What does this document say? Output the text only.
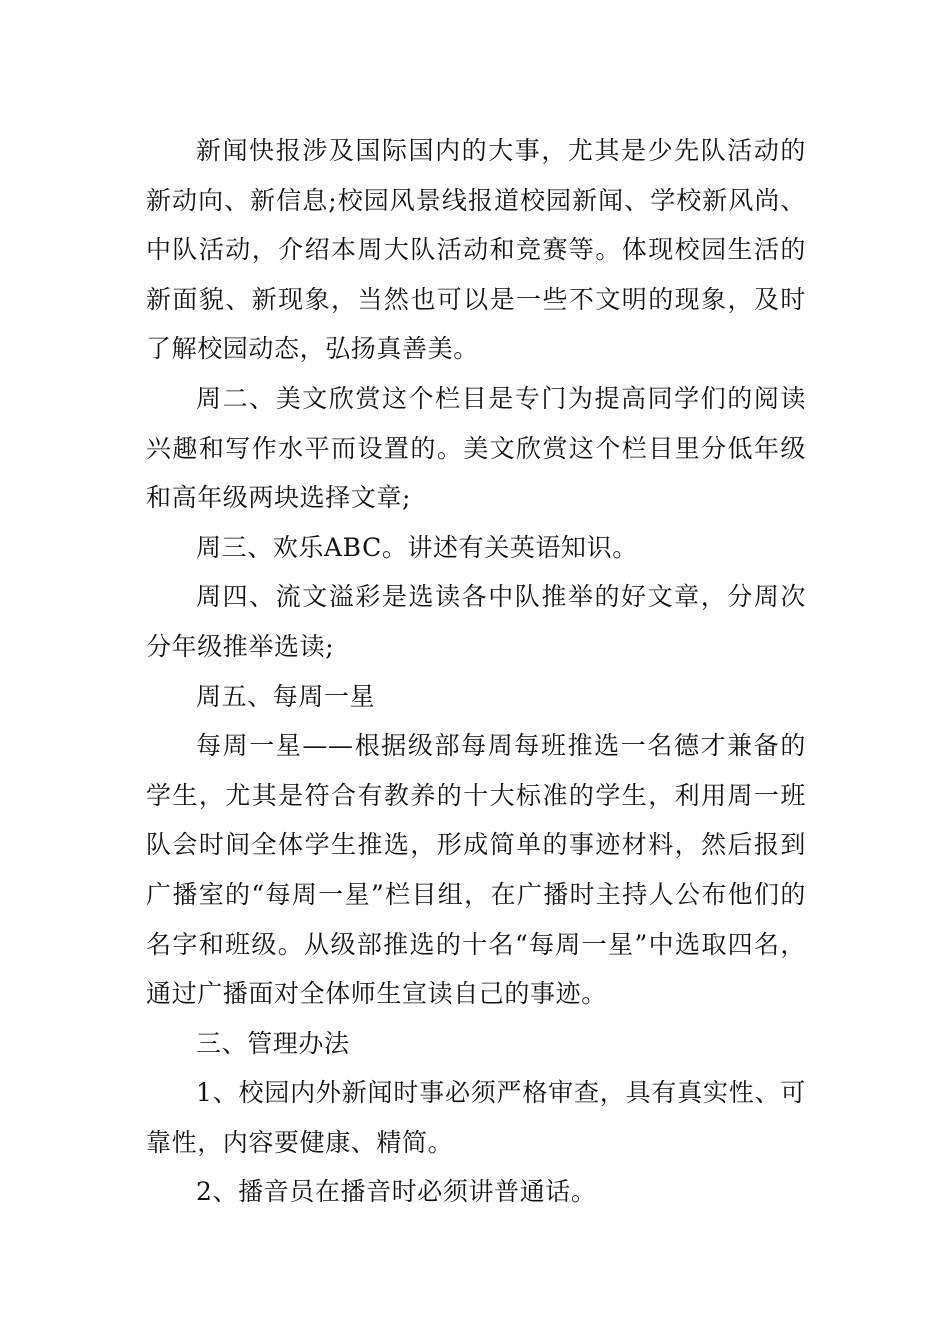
新闻快报涉及国际国内的大事，尤其是少先队活动的新动向、新信息;校园风景线报道校园新闻、学校新风尚、中队活动，介绍本周大队活动和竞赛等。体现校园生活的新面貌、新现象，当然也可以是一些不文明的现象，及时了解校园动态，弘扬真善美。

周二、美文欣赏这个栏目是专门为提高同学们的阅读兴趣和写作水平而设置的。美文欣赏这个栏目里分低年级和高年级两块选择文章;

周三、欢乐ABC。讲述有关英语知识。

周四、流文溢彩是选读各中队推举的好文章，分周次分年级推举选读;

周五、每周一星

每周一星——根据级部每周每班推选一名德才兼备的学生，尤其是符合有教养的十大标准的学生，利用周一班队会时间全体学生推选，形成简单的事迹材料，然后报到广播室的“每周一星”栏目组，在广播时主持人公布他们的名字和班级。从级部推选的十名“每周一星”中选取四名，通过广播面对全体师生宣读自己的事迹。

三、管理办法

1、校园内外新闻时事必须严格审查，具有真实性、可靠性，内容要健康、精简。

2、播音员在播音时必须讲普通话。
